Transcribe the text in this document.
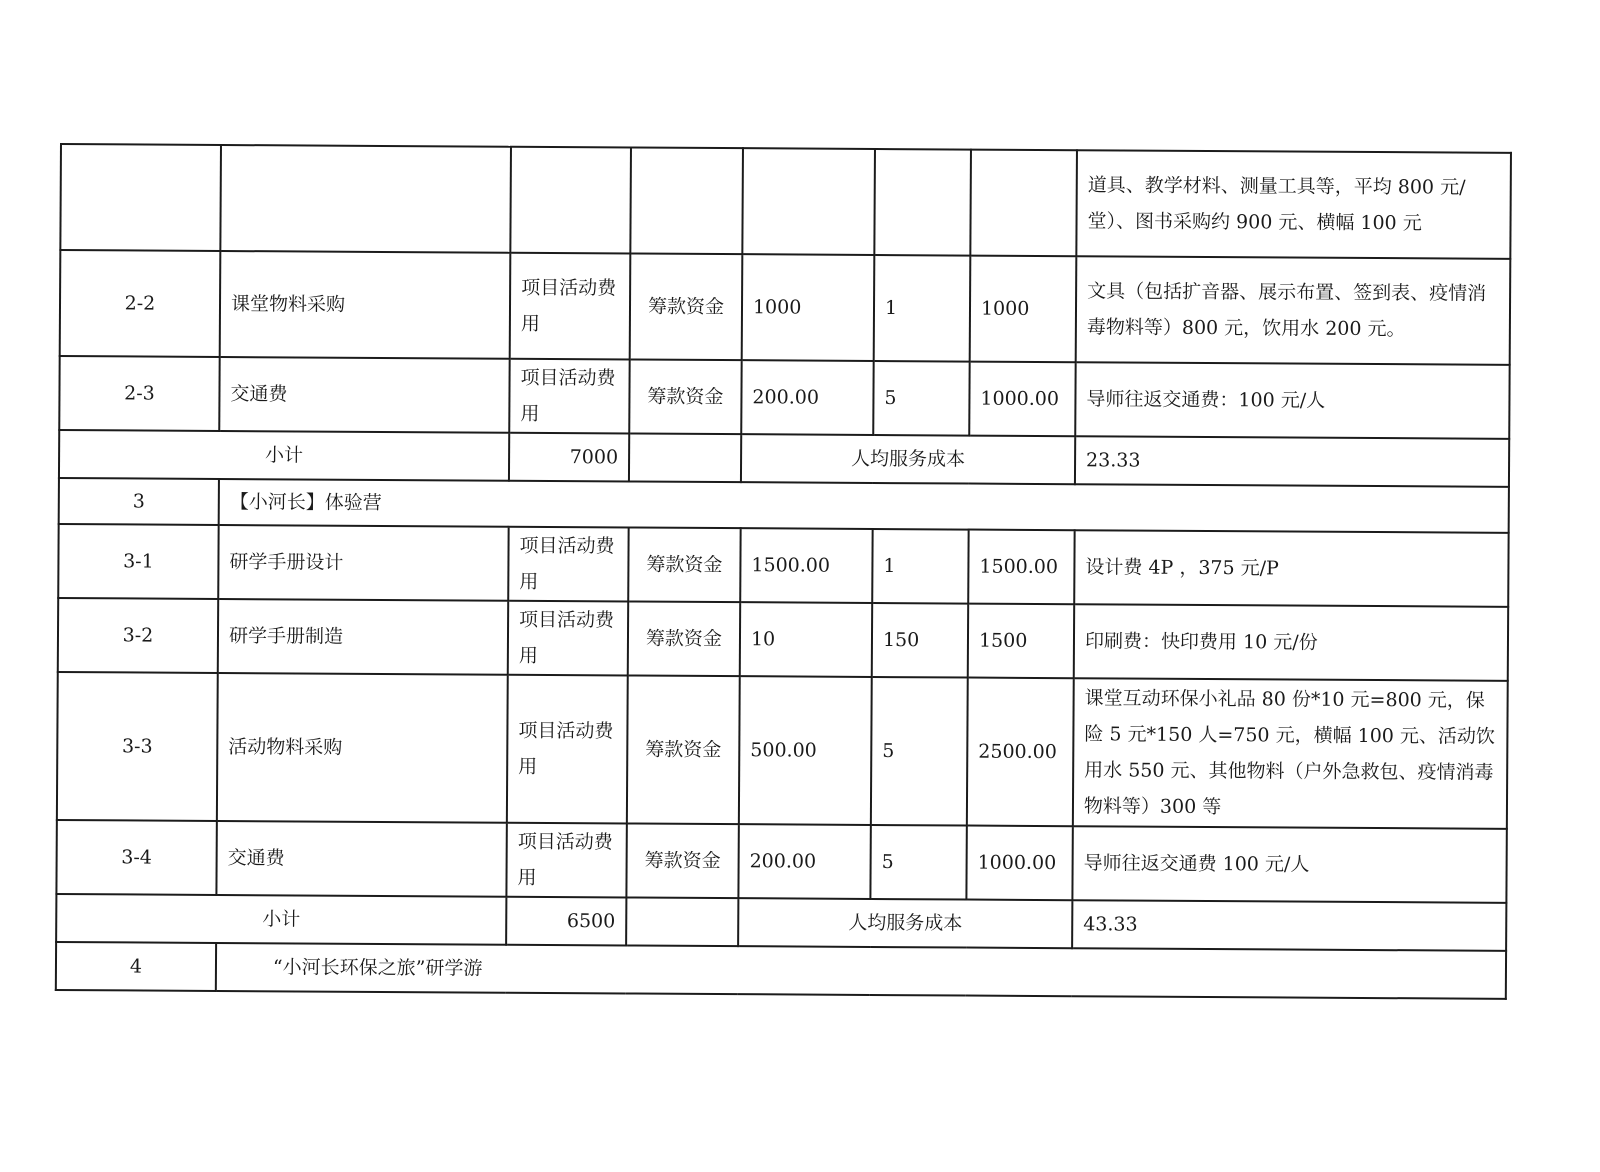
							道具、教学材料、测量工具等，平均 800 元/堂）、图书采购约 900 元、横幅 100 元
2-2	课堂物料采购	项目活动费用	筹款资金	1000	1	1000	文具（包括扩音器、展示布置、签到表、疫情消毒物料等）800 元，饮用水 200 元。
2-3	交通费	项目活动费用	筹款资金	200.00	5	1000.00	导师往返交通费：100 元/人
小计		7000		人均服务成本			23.33
3	【小河长】体验营						
3-1	研学手册设计	项目活动费用	筹款资金	1500.00	1	1500.00	设计费 4P ，375 元/P
3-2	研学手册制造	项目活动费用	筹款资金	10	150	1500	印刷费：快印费用 10 元/份
3-3	活动物料采购	项目活动费用	筹款资金	500.00	5	2500.00	课堂互动环保小礼品 80 份*10 元=800 元，保险 5 元*150 人=750 元，横幅 100 元、活动饮用水 550 元、其他物料（户外急救包、疫情消毒物料等）300 等
3-4	交通费	项目活动费用	筹款资金	200.00	5	1000.00	导师往返交通费 100 元/人
小计		6500		人均服务成本			43.33
4	“小河长环保之旅”研学游						
